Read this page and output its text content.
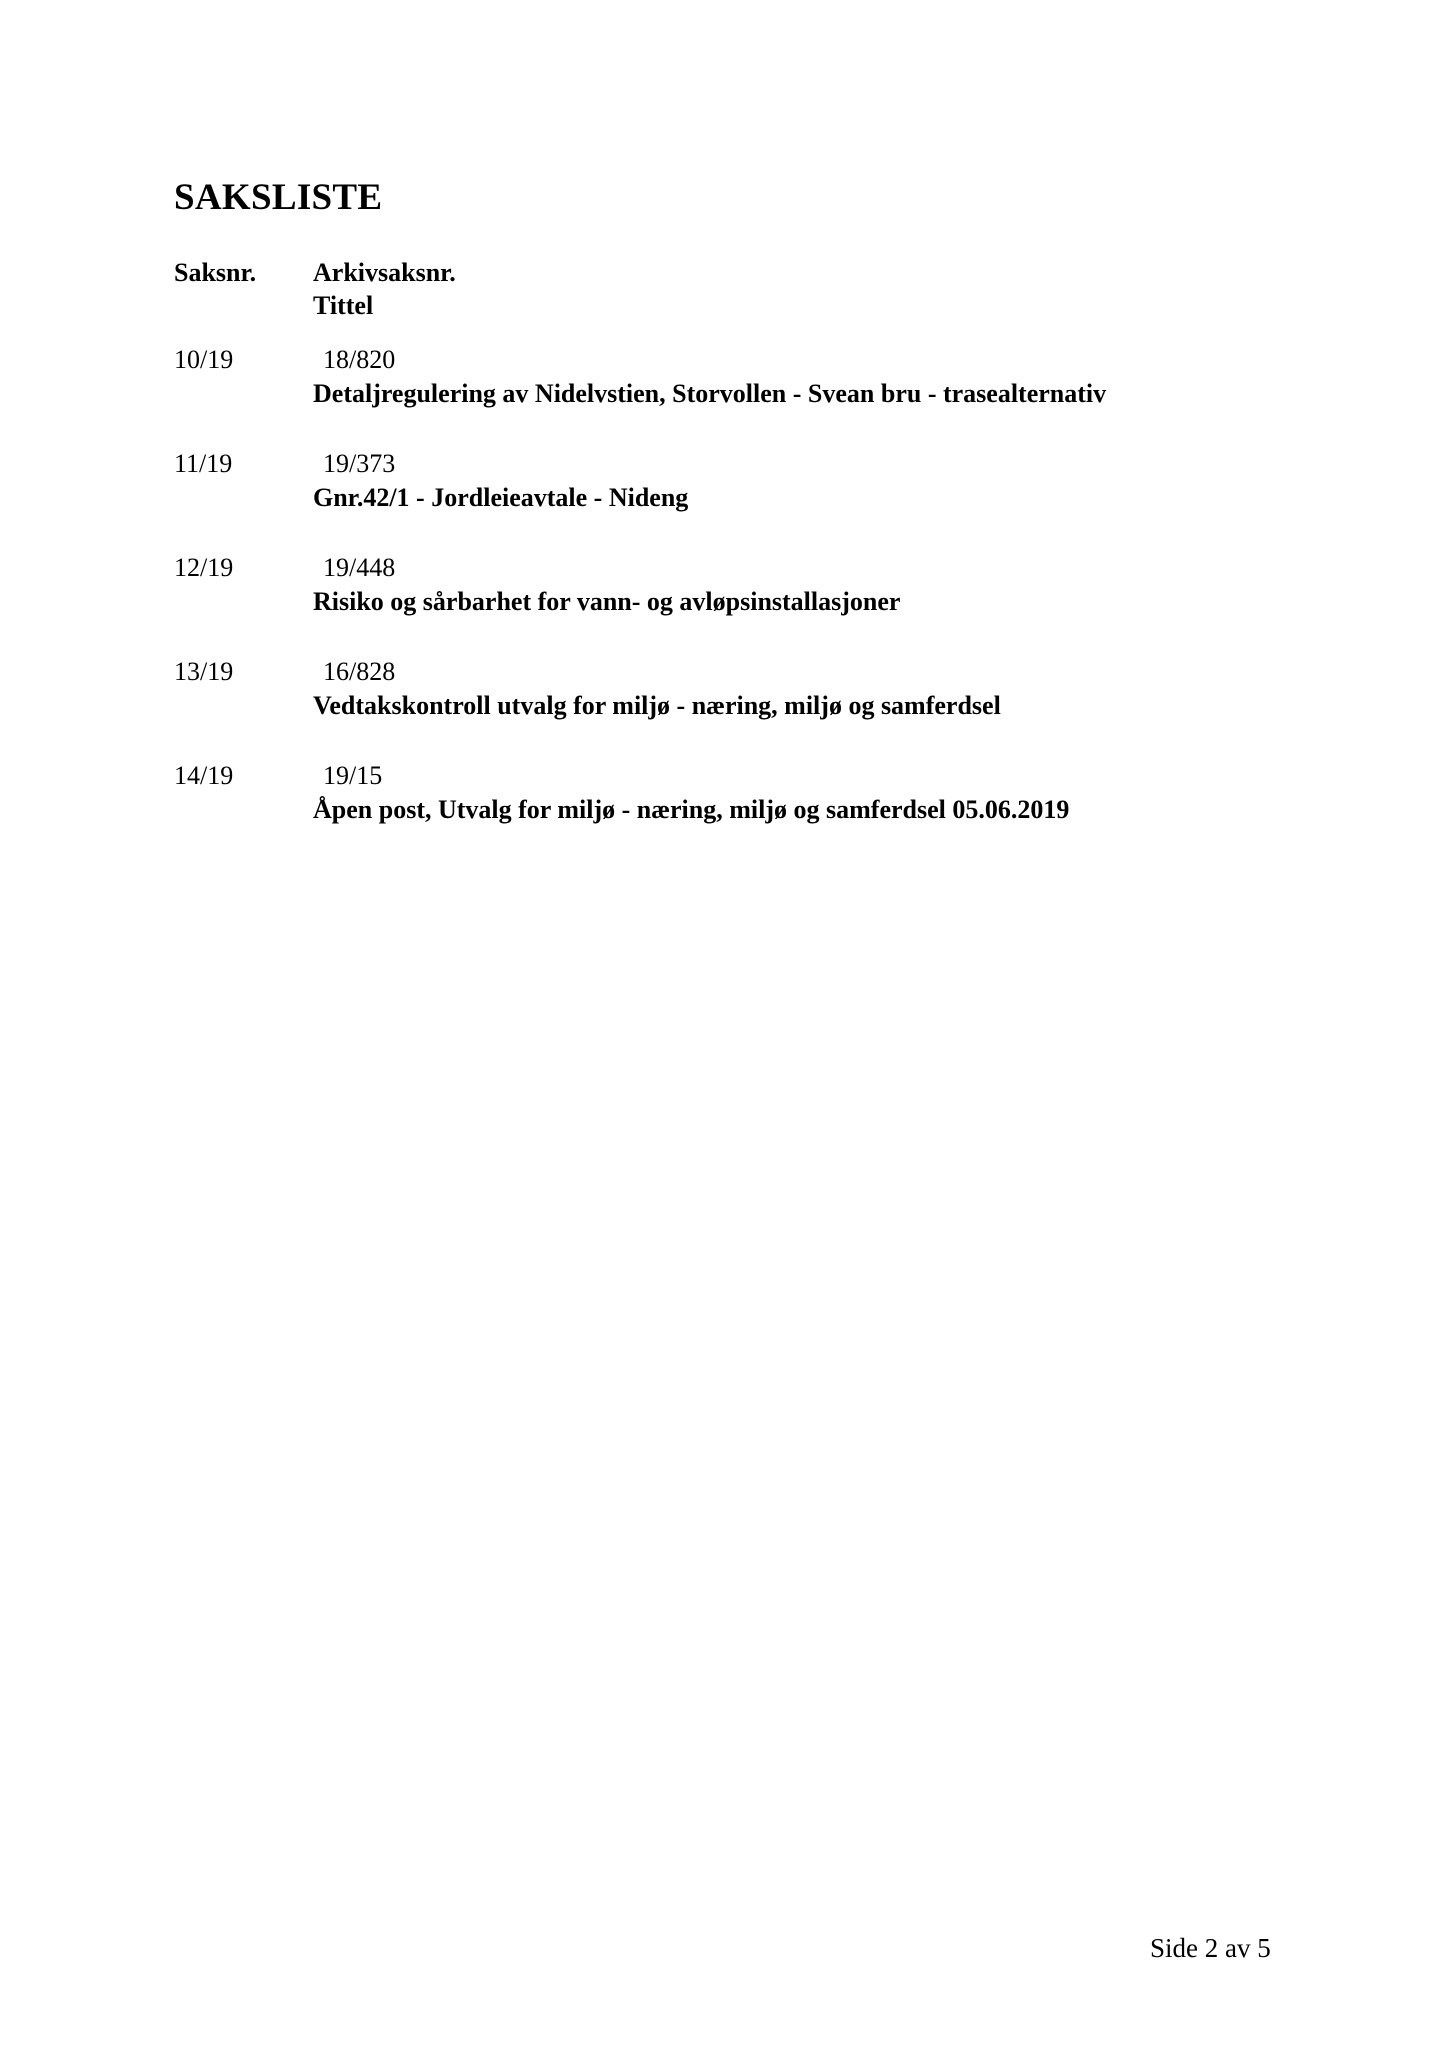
SAKSLISTE
Saksnr. Arkivsaksnr.
Tittel
10/19	18/820
Detaljregulering av Nidelvstien, Storvollen - Svean bru - trasealternativ
11/19	19/373
Gnr.42/1 - Jordleieavtale - Nideng
12/19	19/448
Risiko og sårbarhet for vann- og avløpsinstallasjoner
13/19	16/828
Vedtakskontroll utvalg for miljø - næring, miljø og samferdsel
14/19	19/15
Åpen post, Utvalg for miljø - næring, miljø og samferdsel 05.06.2019
Side 2 av 5
